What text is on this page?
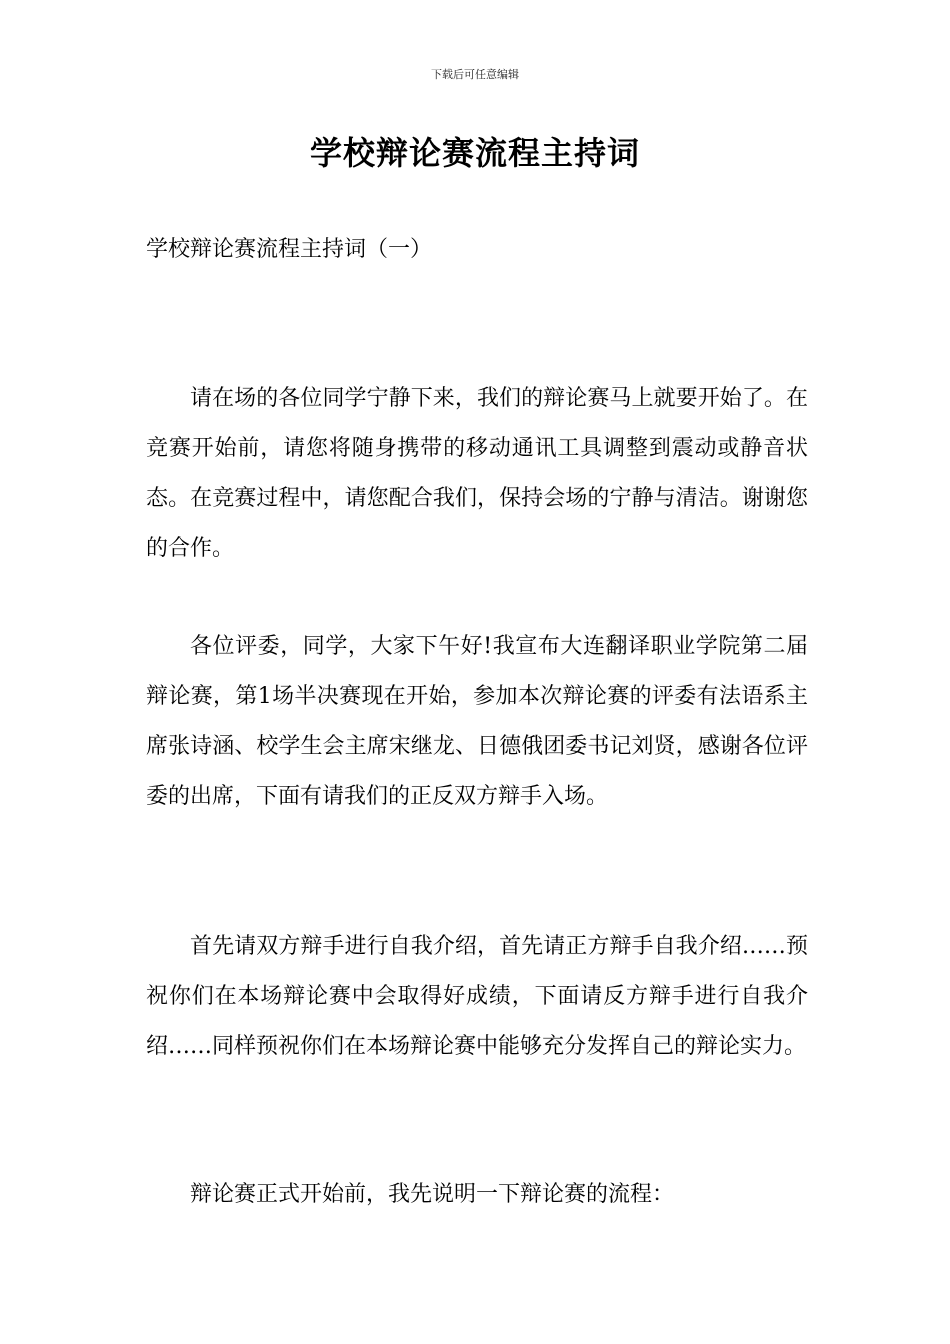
下载后可任意编辑
学校辩论赛流程主持词
学校辩论赛流程主持词（一）

请在场的各位同学宁静下来，我们的辩论赛马上就要开始了。在竞赛开始前，请您将随身携带的移动通讯工具调整到震动或静音状态。在竞赛过程中，请您配合我们，保持会场的宁静与清洁。谢谢您的合作。

各位评委，同学，大家下午好!我宣布大连翻译职业学院第二届辩论赛，第1场半决赛现在开始，参加本次辩论赛的评委有法语系主席张诗涵、校学生会主席宋继龙、日德俄团委书记刘贤，感谢各位评委的出席，下面有请我们的正反双方辩手入场。

首先请双方辩手进行自我介绍，首先请正方辩手自我介绍……预祝你们在本场辩论赛中会取得好成绩，下面请反方辩手进行自我介绍……同样预祝你们在本场辩论赛中能够充分发挥自己的辩论实力。

辩论赛正式开始前，我先说明一下辩论赛的流程：
